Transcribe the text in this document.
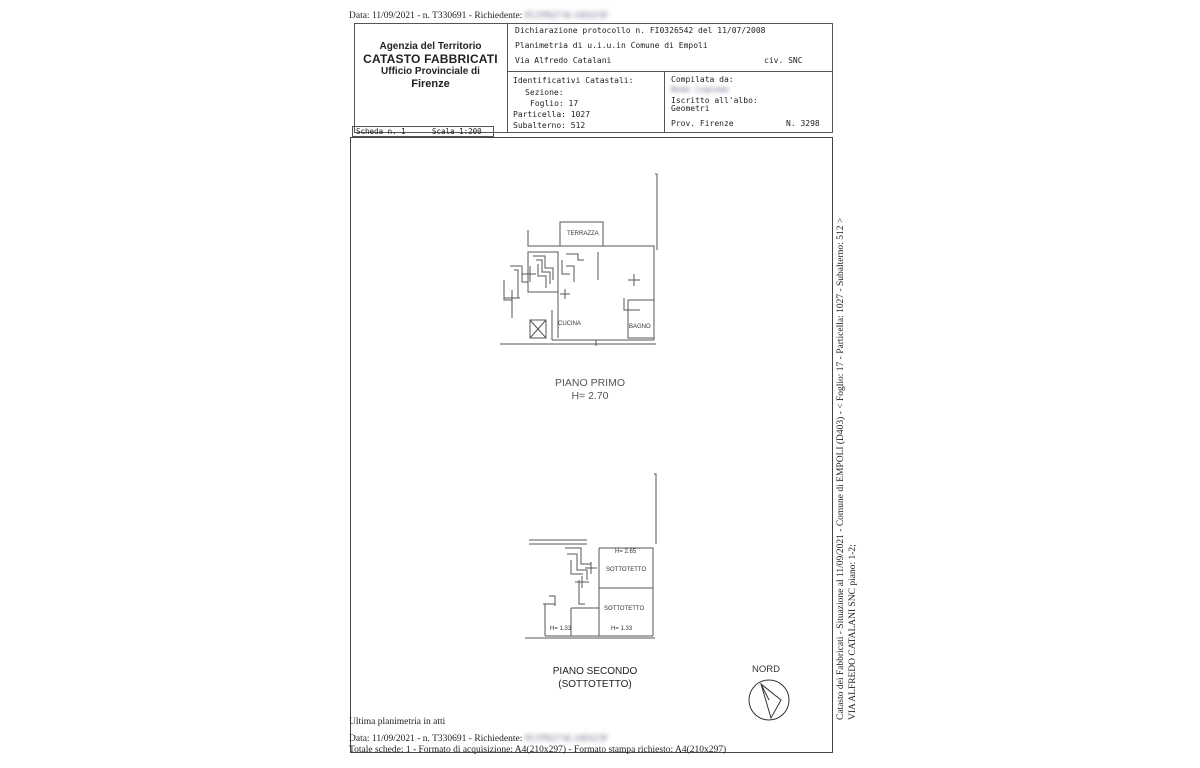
Data: 11/09/2021 - n. T330691 - Richiedente: PLTPRZ74L16E625F
Agenzia del Territorio
CATASTO FABBRICATI
Ufficio Provinciale di
Firenze
Dichiarazione protocollo n. FI0326542 del 11/07/2008
Planimetria di u.i.u.in Comune di Empoli
Via Alfredo Catalani	civ. SNC
Identificativi Catastali:
Sezione:
Foglio: 17
Particella: 1027
Subalterno: 512
Compilata da:
Nome Cognome
Iscritto all'albo:
Geometri
Prov. Firenze	N. 3298
Scheda n. 1	Scala 1:200
TERRAZZA
CUCINA	BAGNO
PIANO PRIMO
H= 2.70
H= 2.65
SOTTOTETTO
SOTTOTETTO
H= 1.33	H= 1.33
PIANO SECONDO
(SOTTOTETTO)
NORD	Catasto dei Fabbricati - Situazione al 11/09/2021 - Comune di EMPOLI (D403) - < Foglio: 17 - Particella: 1027 - Subalterno: 512 > VIA ALFREDO CATALANI SNC piano: 1-2;
Ultima planimetria in atti
Data: 11/09/2021 - n. T330691 - Richiedente: PLTPRZ74L16E625F
Totale schede: 1 - Formato di acquisizione: A4(210x297) - Formato stampa richiesto: A4(210x297)
